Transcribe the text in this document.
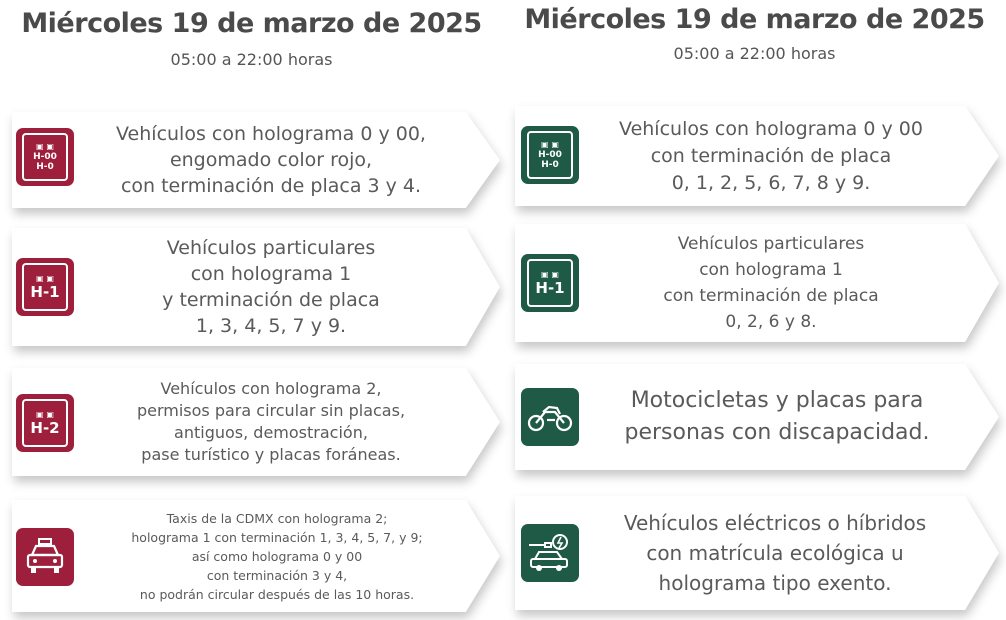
Miércoles 19 de marzo de 2025
05:00 a 22:00 horas
▣ ▣
H-00
H-0
Vehículos con holograma 0 y 00,
engomado color rojo,
con terminación de placa 3 y 4.
▣ ▣
H-1
Vehículos particulares
con holograma 1
y terminación de placa
1, 3, 4, 5, 7 y 9.
▣ ▣
H-2
Vehículos con holograma 2,
permisos para circular sin placas,
antiguos, demostración,
pase turístico y placas foráneas.
Taxis de la CDMX con holograma 2;
holograma 1 con terminación 1, 3, 4, 5, 7, y 9;
así como holograma 0 y 00
con terminación 3 y 4,
no podrán circular después de las 10 horas.
Miércoles 19 de marzo de 2025
05:00 a 22:00 horas
▣ ▣
H-00
H-0
Vehículos con holograma 0 y 00
con terminación de placa
0, 1, 2, 5, 6, 7, 8 y 9.
▣ ▣
H-1
Vehículos particulares
con holograma 1
con terminación de placa
0, 2, 6 y 8.
Motocicletas y placas para
personas con discapacidad.
Vehículos eléctricos o híbridos
con matrícula ecológica u
holograma tipo exento.
